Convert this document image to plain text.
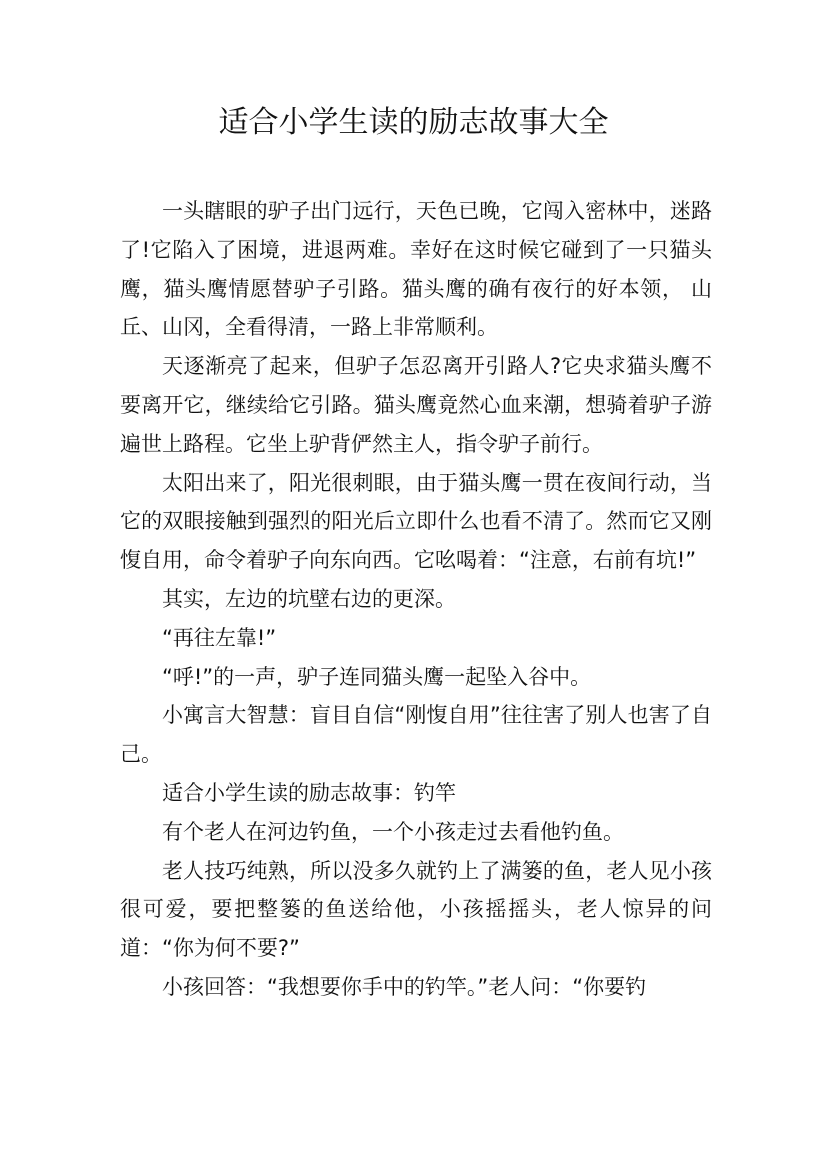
适合小学生读的励志故事大全

一头瞎眼的驴子出门远行，天色已晚，它闯入密林中，迷路了!它陷入了困境，进退两难。幸好在这时候它碰到了一只猫头鹰，猫头鹰情愿替驴子引路。猫头鹰的确有夜行的好本领， 山丘、山冈，全看得清，一路上非常顺利。

天逐渐亮了起来，但驴子怎忍离开引路人?它央求猫头鹰不要离开它，继续给它引路。猫头鹰竟然心血来潮，想骑着驴子游遍世上路程。它坐上驴背俨然主人，指令驴子前行。

太阳出来了，阳光很刺眼，由于猫头鹰一贯在夜间行动，当它的双眼接触到强烈的阳光后立即什么也看不清了。然而它又刚愎自用，命令着驴子向东向西。它吆喝着：“注意，右前有坑!”

其实，左边的坑壁右边的更深。

“再往左靠!”

“呼!”的一声，驴子连同猫头鹰一起坠入谷中。

小寓言大智慧：盲目自信“刚愎自用”往往害了别人也害了自己。

适合小学生读的励志故事：钓竿

有个老人在河边钓鱼，一个小孩走过去看他钓鱼。

老人技巧纯熟，所以没多久就钓上了满篓的鱼，老人见小孩很可爱，要把整篓的鱼送给他，小孩摇摇头，老人惊异的问道：“你为何不要?”

小孩回答：“我想要你手中的钓竿。”老人问：“你要钓
